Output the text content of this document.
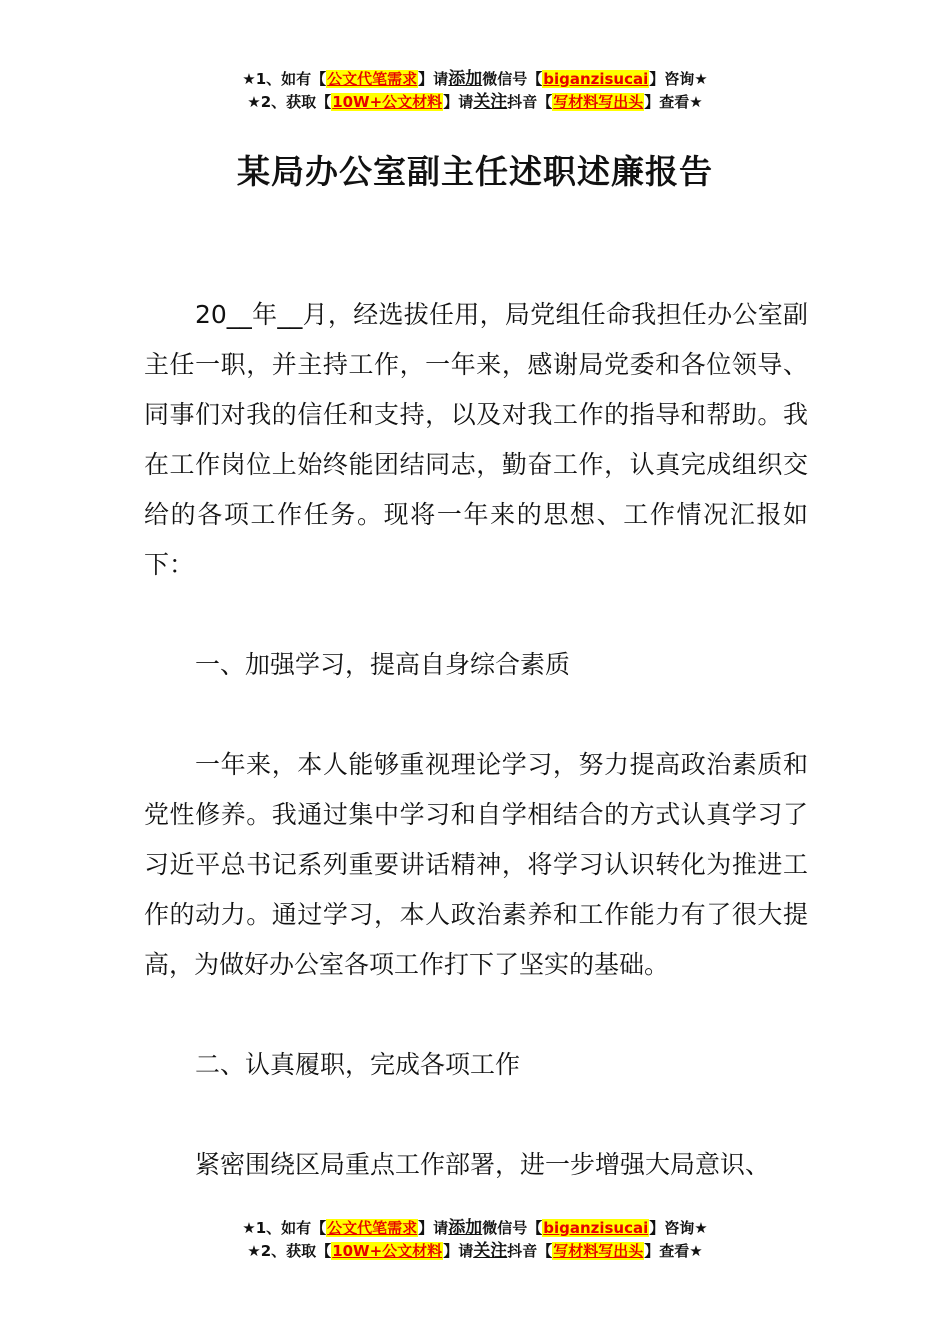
★1、如有【公文代笔需求】请添加微信号【biganzisucai】咨询★
★2、获取【10W+公文材料】请关注抖音【写材料写出头】查看★
某局办公室副主任述职述廉报告

20__年__月，经选拔任用，局党组任命我担任办公室副主任一职，并主持工作，一年来，感谢局党委和各位领导、同事们对我的信任和支持，以及对我工作的指导和帮助。我在工作岗位上始终能团结同志，勤奋工作，认真完成组织交给的各项工作任务。现将一年来的思想、工作情况汇报如下：

一、加强学习，提高自身综合素质

一年来，本人能够重视理论学习，努力提高政治素质和党性修养。我通过集中学习和自学相结合的方式认真学习了习近平总书记系列重要讲话精神，将学习认识转化为推进工作的动力。通过学习，本人政治素养和工作能力有了很大提高，为做好办公室各项工作打下了坚实的基础。

二、认真履职，完成各项工作

紧密围绕区局重点工作部署，进一步增强大局意识、

★1、如有【公文代笔需求】请添加微信号【biganzisucai】咨询★
★2、获取【10W+公文材料】请关注抖音【写材料写出头】查看★
